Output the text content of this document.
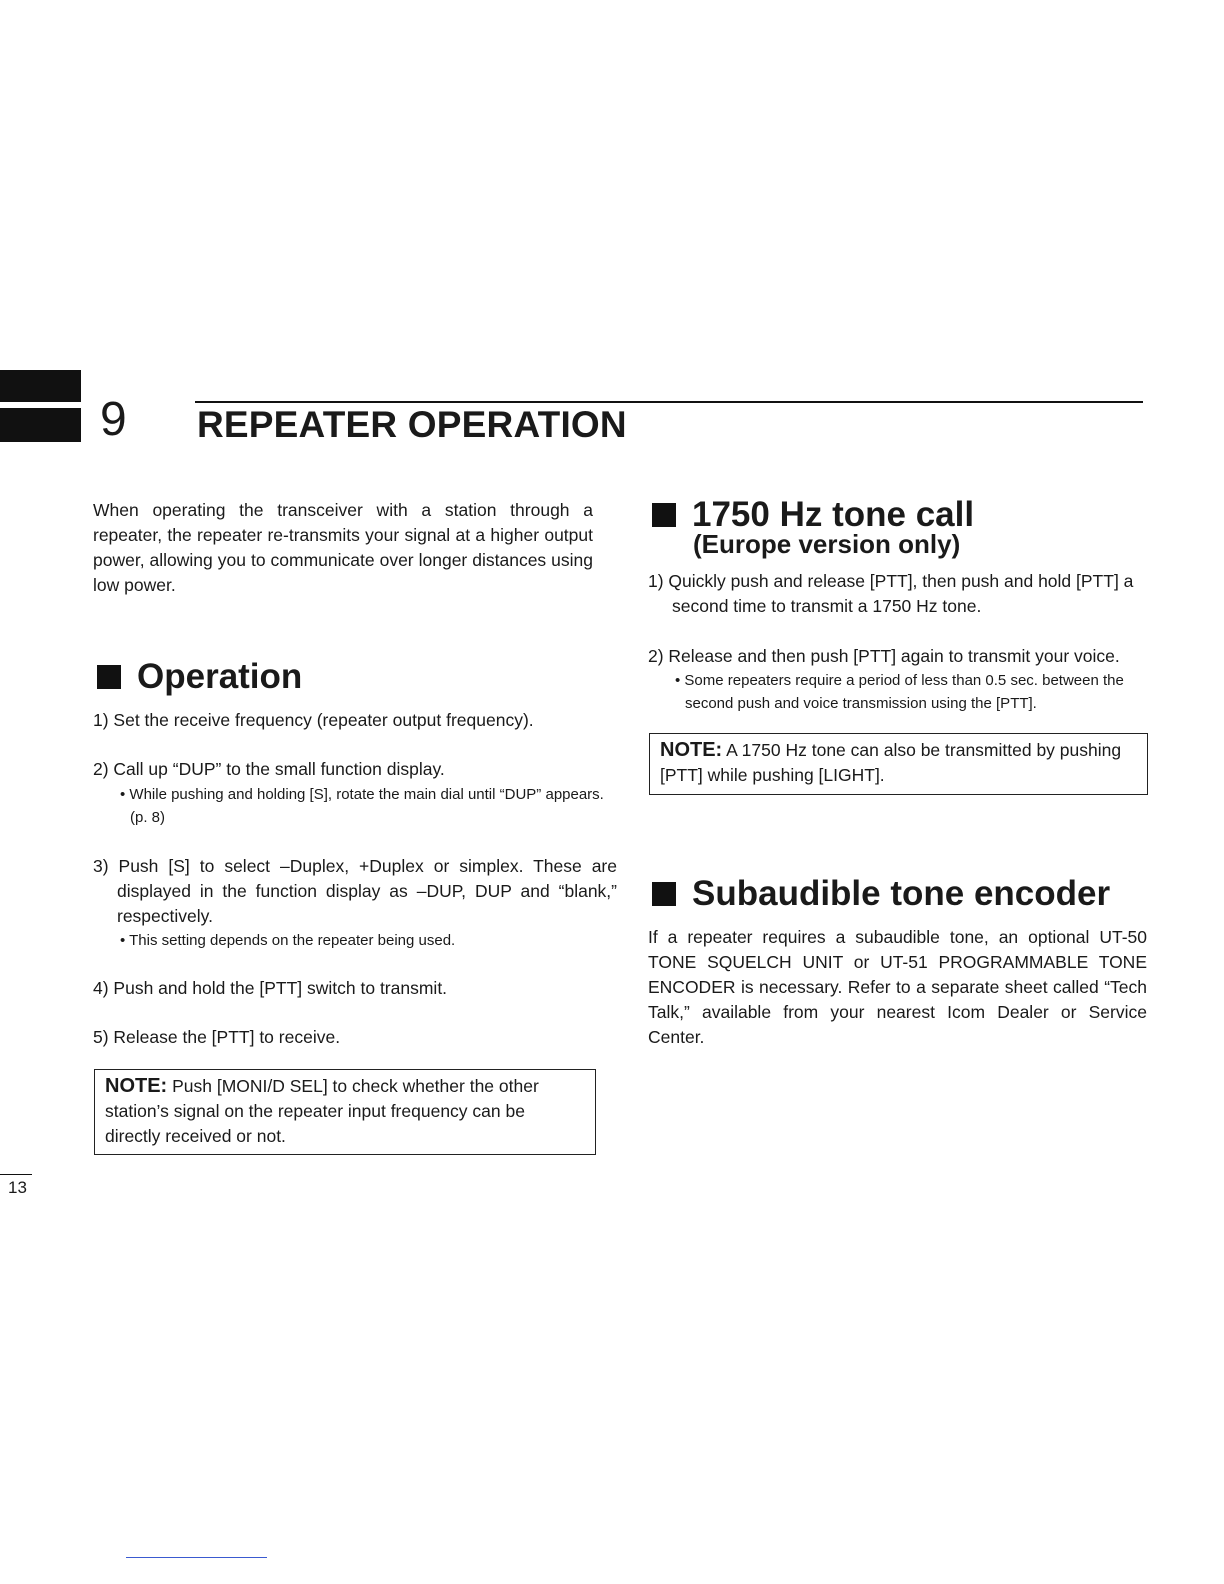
9 REPEATER OPERATION

When operating the transceiver with a station through a repeater, the repeater re-transmits your signal at a higher output power, allowing you to communicate over longer distances using low power.

Operation
1) Set the receive frequency (repeater output frequency).
2) Call up “DUP” to the small function display.
• While pushing and holding [S], rotate the main dial until “DUP” appears. (p. 8)
3) Push [S] to select –Duplex, +Duplex or simplex. These are displayed in the function display as –DUP, DUP and “blank,” respectively.
• This setting depends on the repeater being used.
4) Push and hold the [PTT] switch to transmit.
5) Release the [PTT] to receive.
NOTE: Push [MONI/D SEL] to check whether the other station’s signal on the repeater input frequency can be directly received or not.
1750 Hz tone call
(Europe version only)
1) Quickly push and release [PTT], then push and hold [PTT] a second time to transmit a 1750 Hz tone.
2) Release and then push [PTT] again to transmit your voice.
• Some repeaters require a period of less than 0.5 sec. between the second push and voice transmission using the [PTT].
NOTE: A 1750 Hz tone can also be transmitted by pushing [PTT] while pushing [LIGHT].
Subaudible tone encoder

If a repeater requires a subaudible tone, an optional UT-50 TONE SQUELCH UNIT or UT-51 PROGRAMMABLE TONE ENCODER is necessary. Refer to a separate sheet called “Tech Talk,” available from your nearest Icom Dealer or Service Center.

13
